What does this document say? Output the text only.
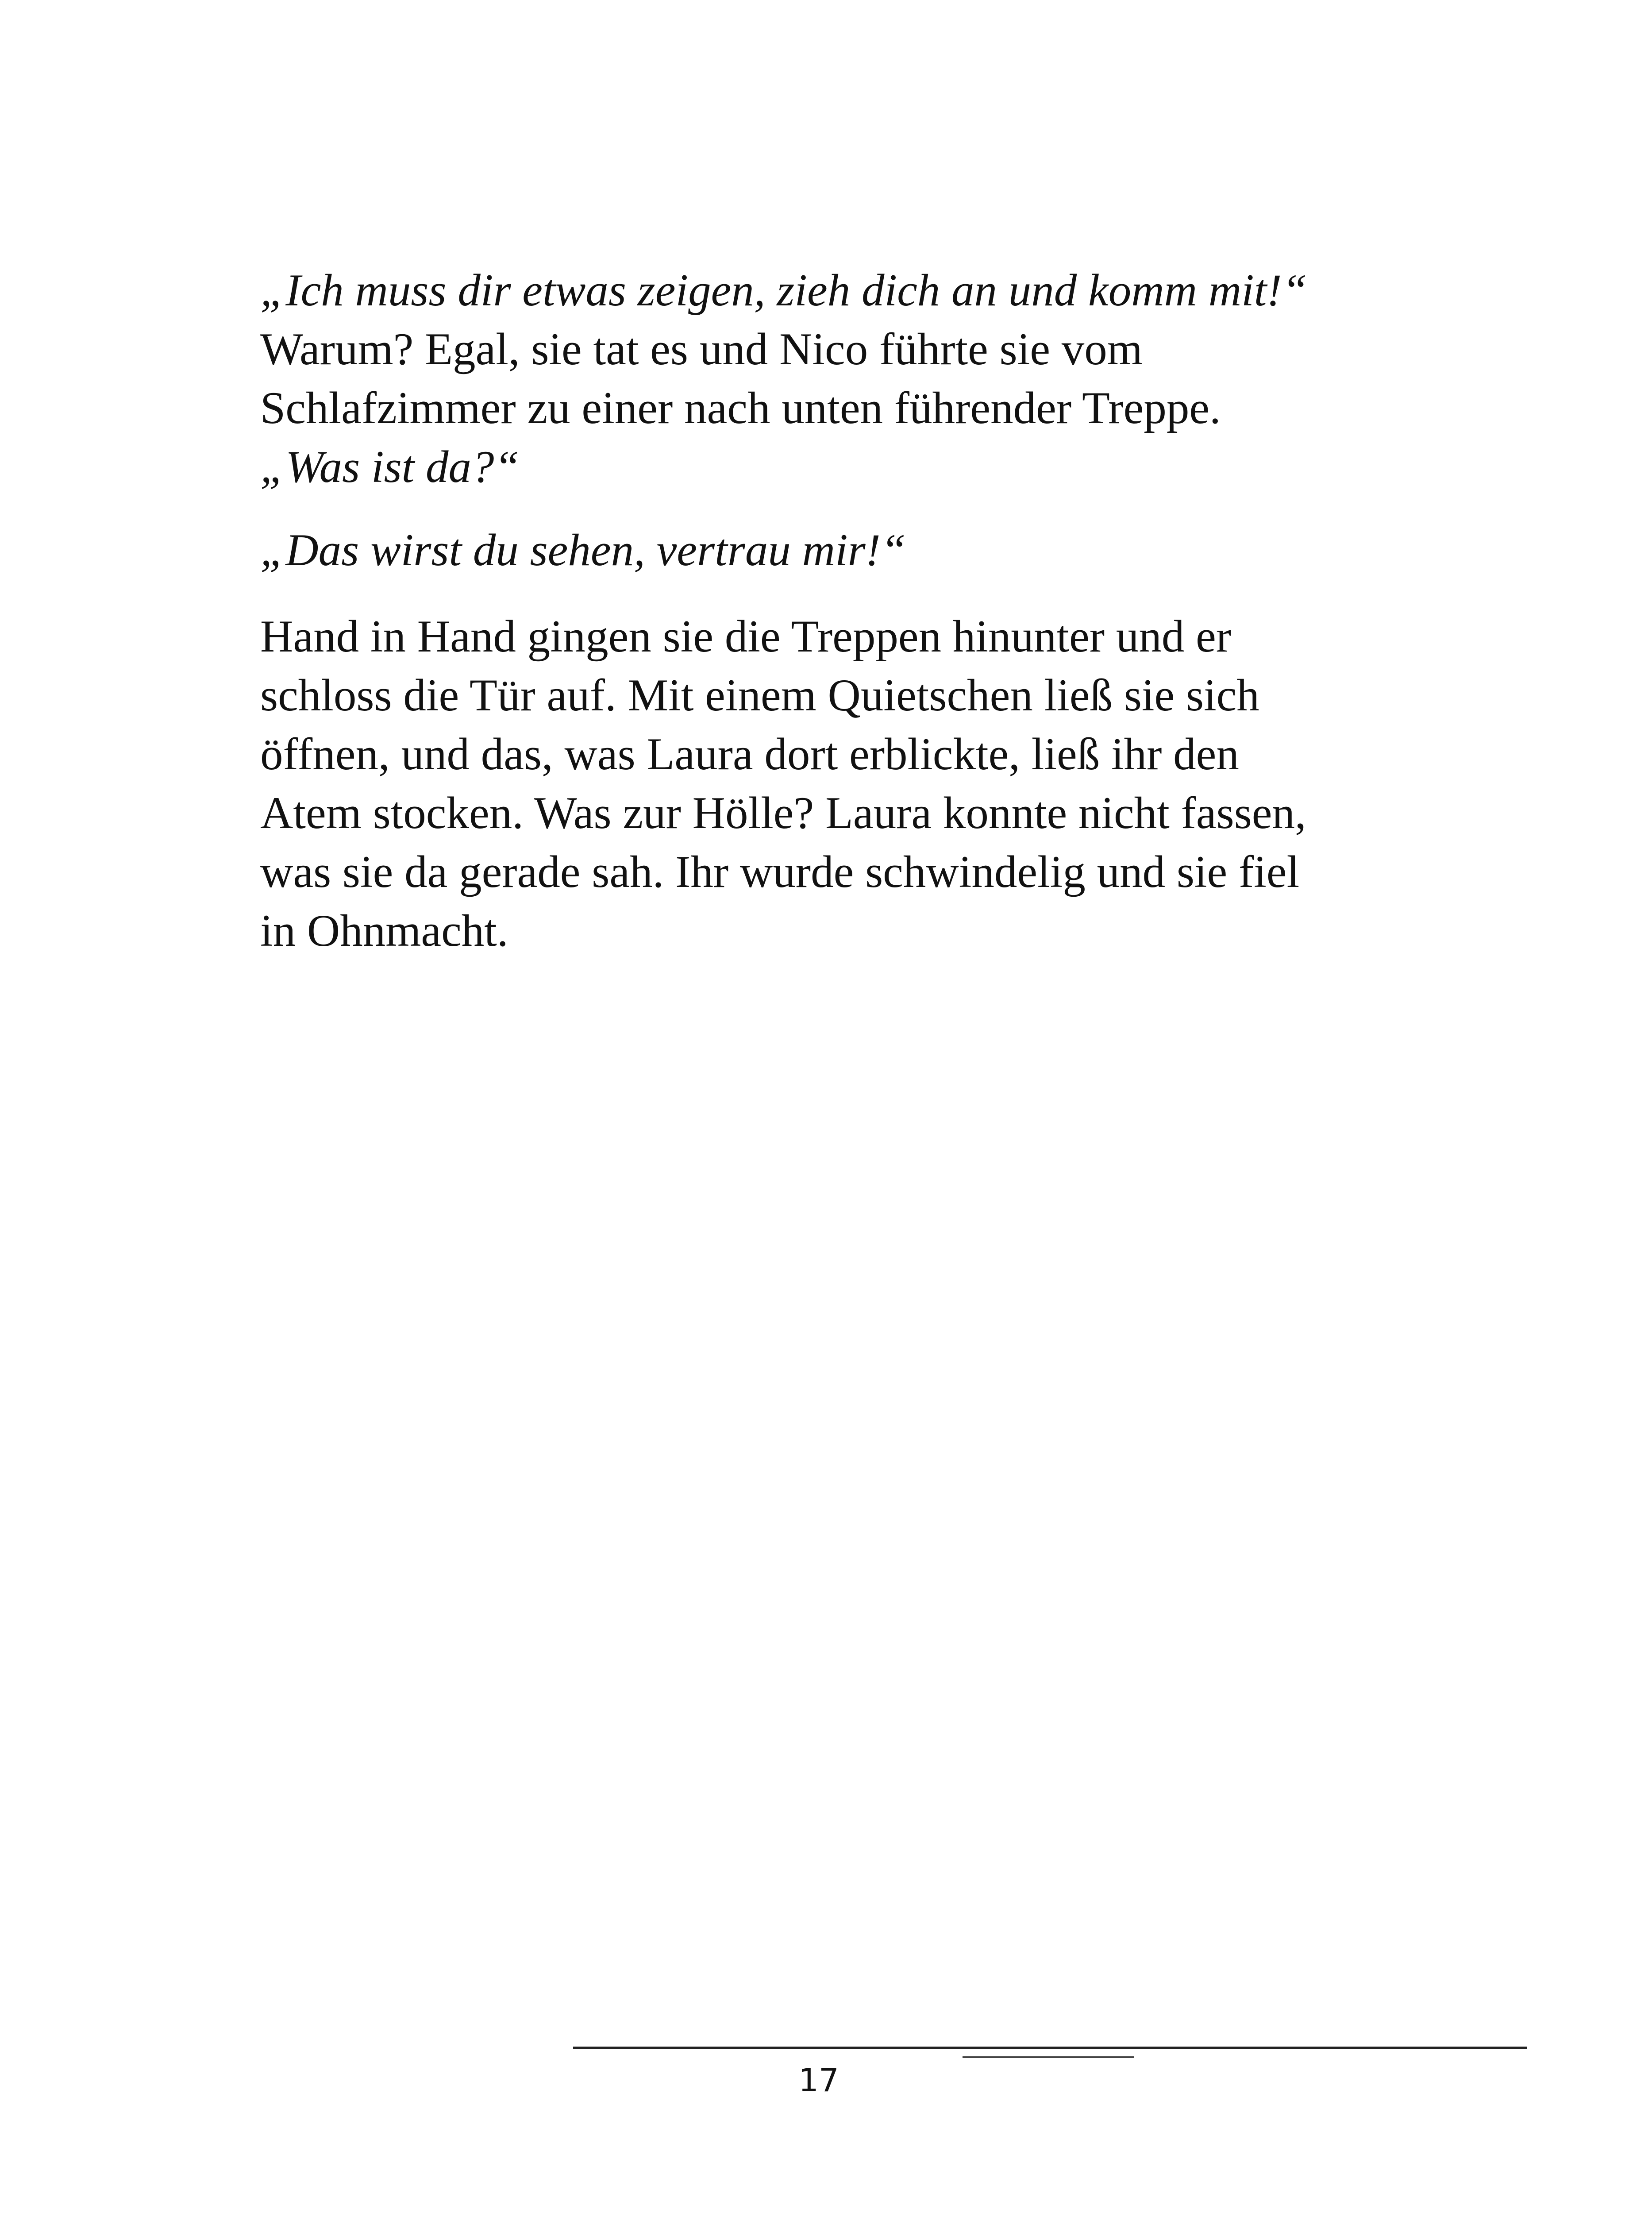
„Ich muss dir etwas zeigen, zieh dich an und komm mit!“
Warum? Egal, sie tat es und Nico führte sie vom
Schlafzimmer zu einer nach unten führender Treppe.
„Was ist da?“
„Das wirst du sehen, vertrau mir!“
Hand in Hand gingen sie die Treppen hinunter und er
schloss die Tür auf. Mit einem Quietschen ließ sie sich
öffnen, und das, was Laura dort erblickte, ließ ihr den
Atem stocken. Was zur Hölle? Laura konnte nicht fassen,
was sie da gerade sah. Ihr wurde schwindelig und sie fiel
in Ohnmacht.
17
